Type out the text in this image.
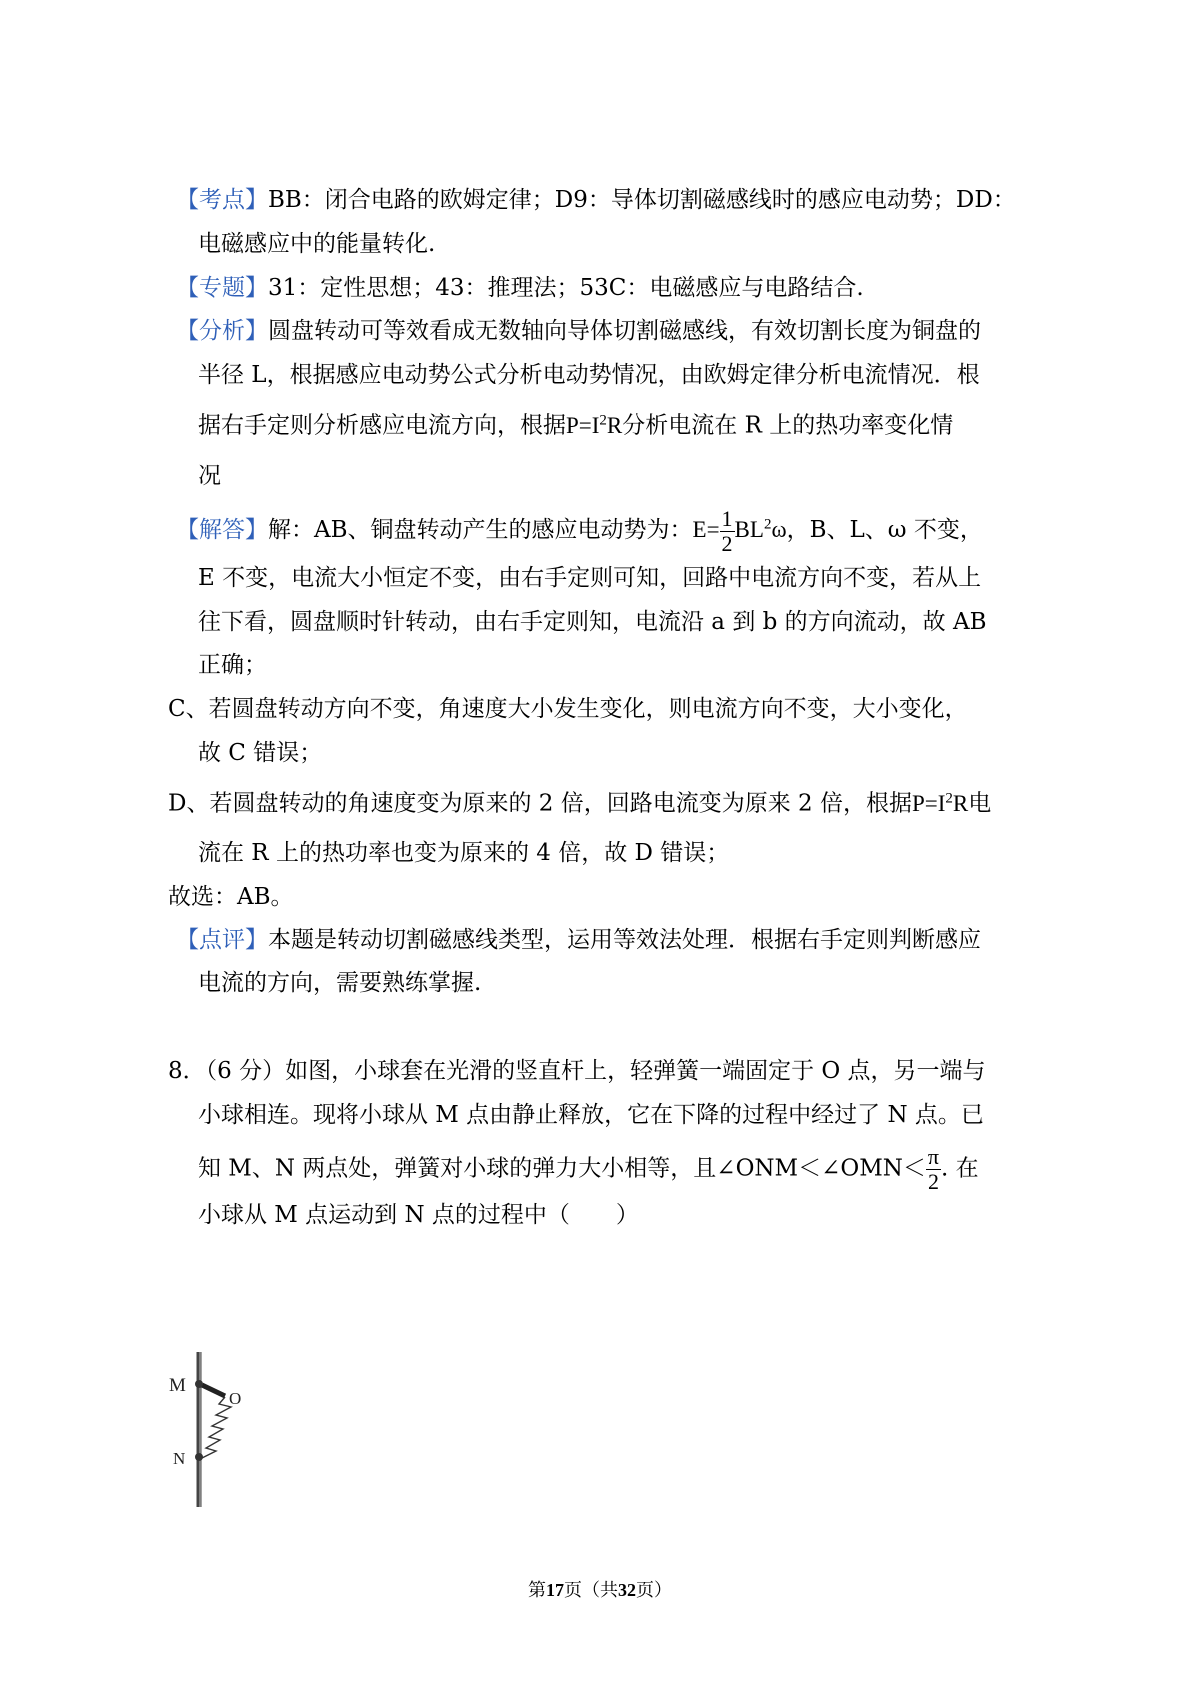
【考点】BB：闭合电路的欧姆定律；D9：导体切割磁感线时的感应电动势；DD：
电磁感应中的能量转化.
【专题】31：定性思想；43：推理法；53C：电磁感应与电路结合.
【分析】圆盘转动可等效看成无数轴向导体切割磁感线，有效切割长度为铜盘的
半径 L，根据感应电动势公式分析电动势情况，由欧姆定律分析电流情况．根
据右手定则分析感应电流方向，根据$P=I^2R$分析电流在 R 上的热功率变化情
况
【解答】解：AB、铜盘转动产生的感应电动势为：$E= \frac{1}{2} BL^2\omega$，B、L、ω 不变，
E 不变，电流大小恒定不变，由右手定则可知，回路中电流方向不变，若从上
往下看，圆盘顺时针转动，由右手定则知，电流沿 a 到 b 的方向流动，故 AB
正确；
C、若圆盘转动方向不变，角速度大小发生变化，则电流方向不变，大小变化，
故 C 错误；
D、若圆盘转动的角速度变为原来的 2 倍，回路电流变为原来 2 倍，根据$P=I^2R$电
流在 R 上的热功率也变为原来的 4 倍，故 D 错误；
故选：AB。
【点评】本题是转动切割磁感线类型，运用等效法处理．根据右手定则判断感应
电流的方向，需要熟练掌握.
8．（6 分）如图，小球套在光滑的竖直杆上，轻弹簧一端固定于 O 点，另一端与
小球相连。现将小球从 M 点由静止释放，它在下降的过程中经过了 N 点。已
知 M、N 两点处，弹簧对小球的弹力大小相等，且∠ONM＜∠OMN＜ $\frac{\pi}{2}$ . 在
小球从 M 点运动到 N 点的过程中（　　）
M
O
N
第17页（共32页）
